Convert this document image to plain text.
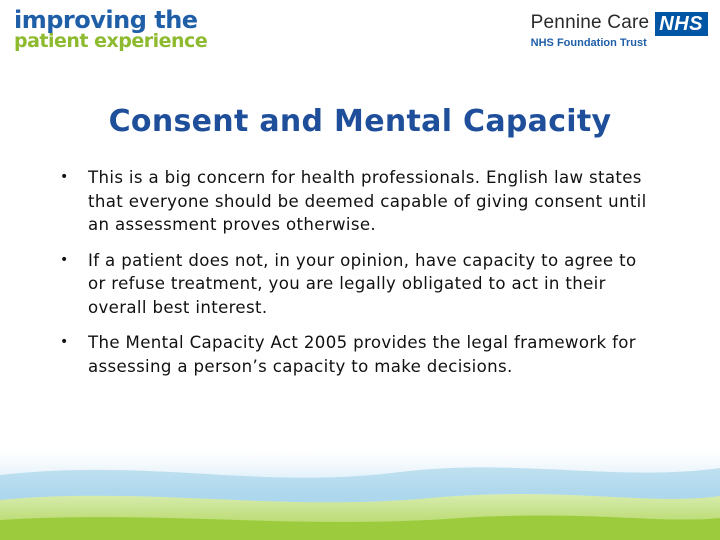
improving the
patient experience
Pennine Care
NHS Foundation Trust
NHS
Consent and Mental Capacity
• This is a big concern for health professionals. English law states that everyone should be deemed capable of giving consent until an assessment proves otherwise.
• If a patient does not, in your opinion, have capacity to agree to or refuse treatment, you are legally obligated to act in their overall best interest.
• The Mental Capacity Act 2005 provides the legal framework for assessing a person’s capacity to make decisions.
